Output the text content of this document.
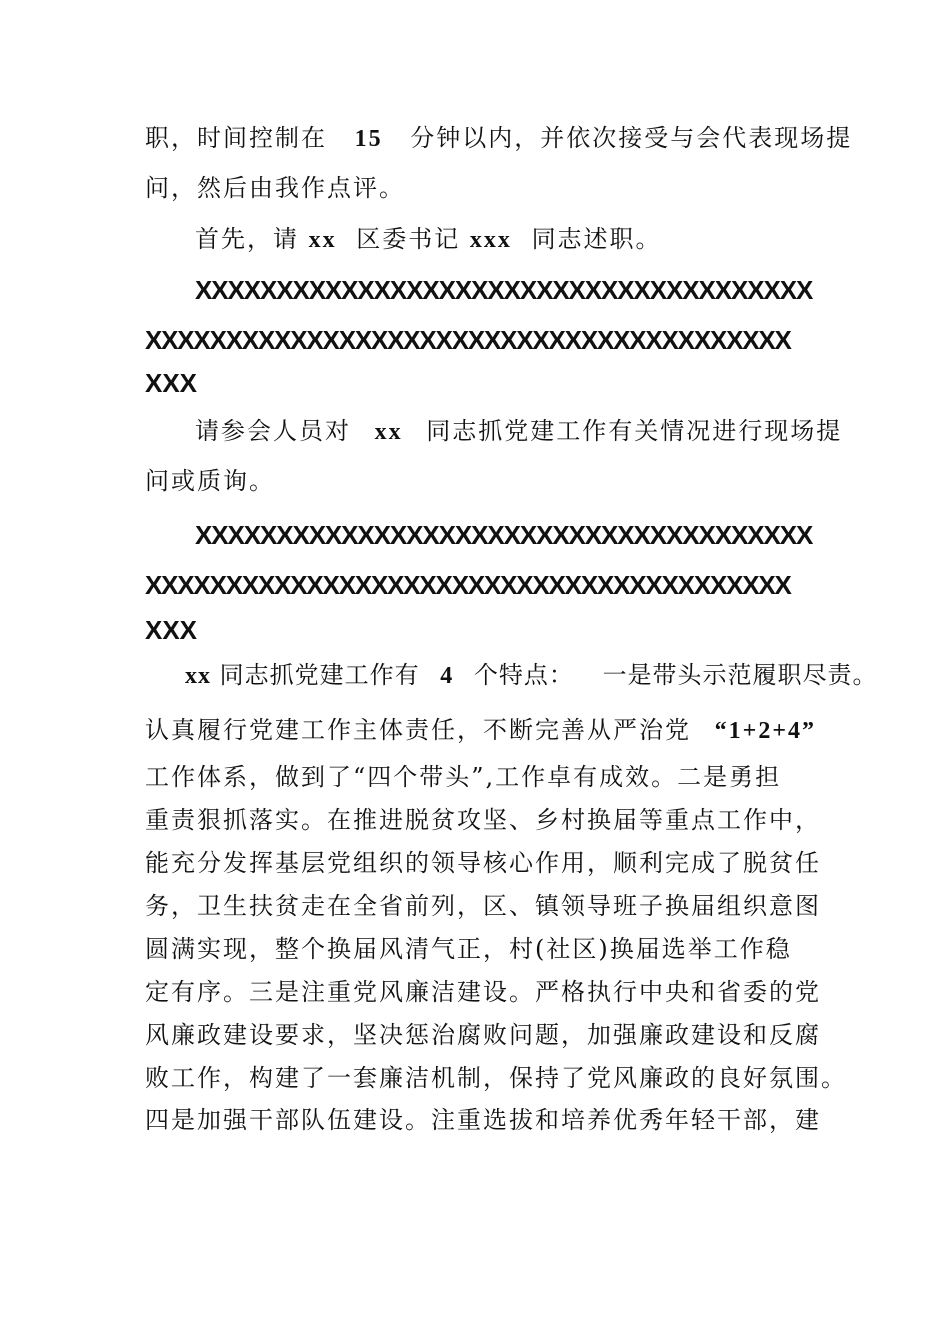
职，时间控制在 15 分钟以内，并依次接受与会代表现场提
问，然后由我作点评。
首先，请 xx 区委书记 xxx 同志述职。
XXXXXXXXXXXXXXXXXXXXXXXXXXXXXXXXXXXXXX
XXXXXXXXXXXXXXXXXXXXXXXXXXXXXXXXXXXXXXXX
XXX
请参会人员对 xx 同志抓党建工作有关情况进行现场提
问或质询。
XXXXXXXXXXXXXXXXXXXXXXXXXXXXXXXXXXXXXX
XXXXXXXXXXXXXXXXXXXXXXXXXXXXXXXXXXXXXXXX
XXX
xx 同志抓党建工作有 4 个特点： 一是带头示范履职尽责。
认真履行党建工作主体责任，不断完善从严治党 “1+2+4”
工作体系，做到了“四个带头”,工作卓有成效。二是勇担
重责狠抓落实。在推进脱贫攻坚、乡村换届等重点工作中，
能充分发挥基层党组织的领导核心作用，顺利完成了脱贫任
务，卫生扶贫走在全省前列，区、镇领导班子换届组织意图
圆满实现，整个换届风清气正，村(社区)换届选举工作稳
定有序。三是注重党风廉洁建设。严格执行中央和省委的党
风廉政建设要求，坚决惩治腐败问题，加强廉政建设和反腐
败工作，构建了一套廉洁机制，保持了党风廉政的良好氛围。
四是加强干部队伍建设。注重选拔和培养优秀年轻干部，建
